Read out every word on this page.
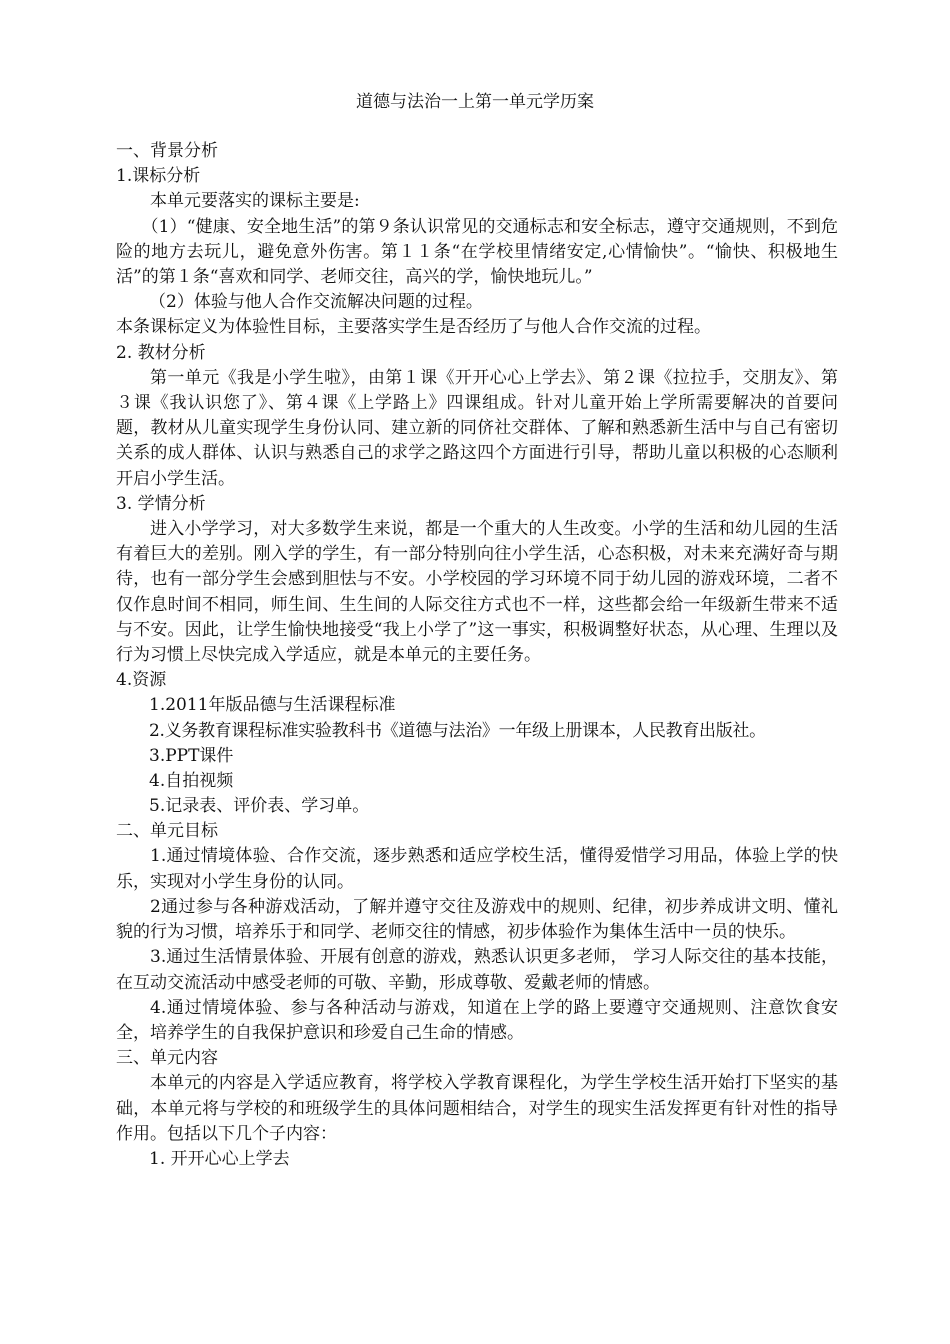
道德与法治一上第一单元学历案

一、背景分析

1.课标分析

本单元要落实的课标主要是:

（1）“健康、安全地生活”的第９条认识常见的交通标志和安全标志，遵守交通规则，不到危险的地方去玩儿，避免意外伤害。第１１条“在学校里情绪安定,心情愉快”。“愉快、积极地生活”的第１条“喜欢和同学、老师交往，高兴的学，愉快地玩儿。”

（2）体验与他人合作交流解决问题的过程。

本条课标定义为体验性目标，主要落实学生是否经历了与他人合作交流的过程。

2. 教材分析

第一单元《我是小学生啦》，由第１课《开开心心上学去》、第２课《拉拉手，交朋友》、第３课《我认识您了》、第４课《上学路上》四课组成。针对儿童开始上学所需要解决的首要问题，教材从儿童实现学生身份认同、建立新的同侪社交群体、了解和熟悉新生活中与自己有密切关系的成人群体、认识与熟悉自己的求学之路这四个方面进行引导，帮助儿童以积极的心态顺利开启小学生活。

3. 学情分析

进入小学学习，对大多数学生来说，都是一个重大的人生改变。小学的生活和幼儿园的生活有着巨大的差别。刚入学的学生，有一部分特别向往小学生活，心态积极，对未来充满好奇与期待，也有一部分学生会感到胆怯与不安。小学校园的学习环境不同于幼儿园的游戏环境，二者不仅作息时间不相同，师生间、生生间的人际交往方式也不一样，这些都会给一年级新生带来不适与不安。因此，让学生愉快地接受“我上小学了”这一事实，积极调整好状态，从心理、生理以及行为习惯上尽快完成入学适应，就是本单元的主要任务。

4.资源

1.2011年版品德与生活课程标准

2.义务教育课程标准实验教科书《道德与法治》一年级上册课本，人民教育出版社。

3.PPT课件

4.自拍视频

5.记录表、评价表、学习单。

二、单元目标

1.通过情境体验、合作交流，逐步熟悉和适应学校生活，懂得爱惜学习用品，体验上学的快乐，实现对小学生身份的认同。

2通过参与各种游戏活动，了解并遵守交往及游戏中的规则、纪律，初步养成讲文明、懂礼貌的行为习惯，培养乐于和同学、老师交往的情感，初步体验作为集体生活中一员的快乐。

3.通过生活情景体验、开展有创意的游戏，熟悉认识更多老师， 学习人际交往的基本技能，在互动交流活动中感受老师的可敬、辛勤，形成尊敬、爱戴老师的情感。

4.通过情境体验、参与各种活动与游戏，知道在上学的路上要遵守交通规则、注意饮食安全，培养学生的自我保护意识和珍爱自己生命的情感。

三、单元内容

本单元的内容是入学适应教育，将学校入学教育课程化，为学生学校生活开始打下坚实的基础，本单元将与学校的和班级学生的具体问题相结合，对学生的现实生活发挥更有针对性的指导作用。包括以下几个子内容：

1. 开开心心上学去
